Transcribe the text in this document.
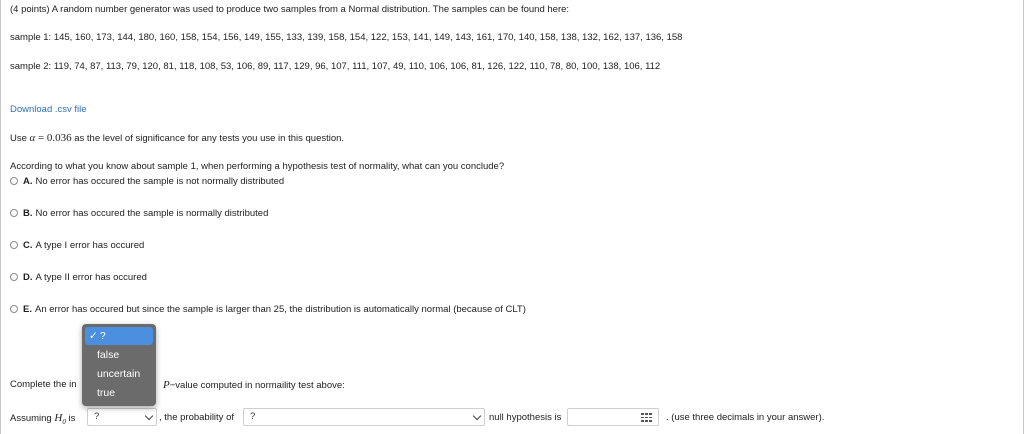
(4 points) A random number generator was used to produce two samples from a Normal distribution. The samples can be found here:
sample 1: 145, 160, 173, 144, 180, 160, 158, 154, 156, 149, 155, 133, 139, 158, 154, 122, 153, 141, 149, 143, 161, 170, 140, 158, 138, 132, 162, 137, 136, 158
sample 2: 119, 74, 87, 113, 79, 120, 81, 118, 108, 53, 106, 89, 117, 129, 96, 107, 111, 107, 49, 110, 106, 106, 81, 126, 122, 110, 78, 80, 100, 138, 106, 112
Download .csv file
Use α = 0.036 as the level of significance for any tests you use in this question.
According to what you know about sample 1, when performing a hypothesis test of normality, what can you conclude?
A. No error has occured the sample is not normally distributed
B. No error has occured the sample is normally distributed
C. A type I error has occured
D. A type II error has occured
E. An error has occured but since the sample is larger than 25, the distribution is automatically normal (because of CLT)
Complete the in	P−value computed in normaility test above:
Assuming $H_0$ is	?	, the probability of	?	null hypothesis is	. (use three decimals in your answer).
✓ ?
false
uncertain
true
